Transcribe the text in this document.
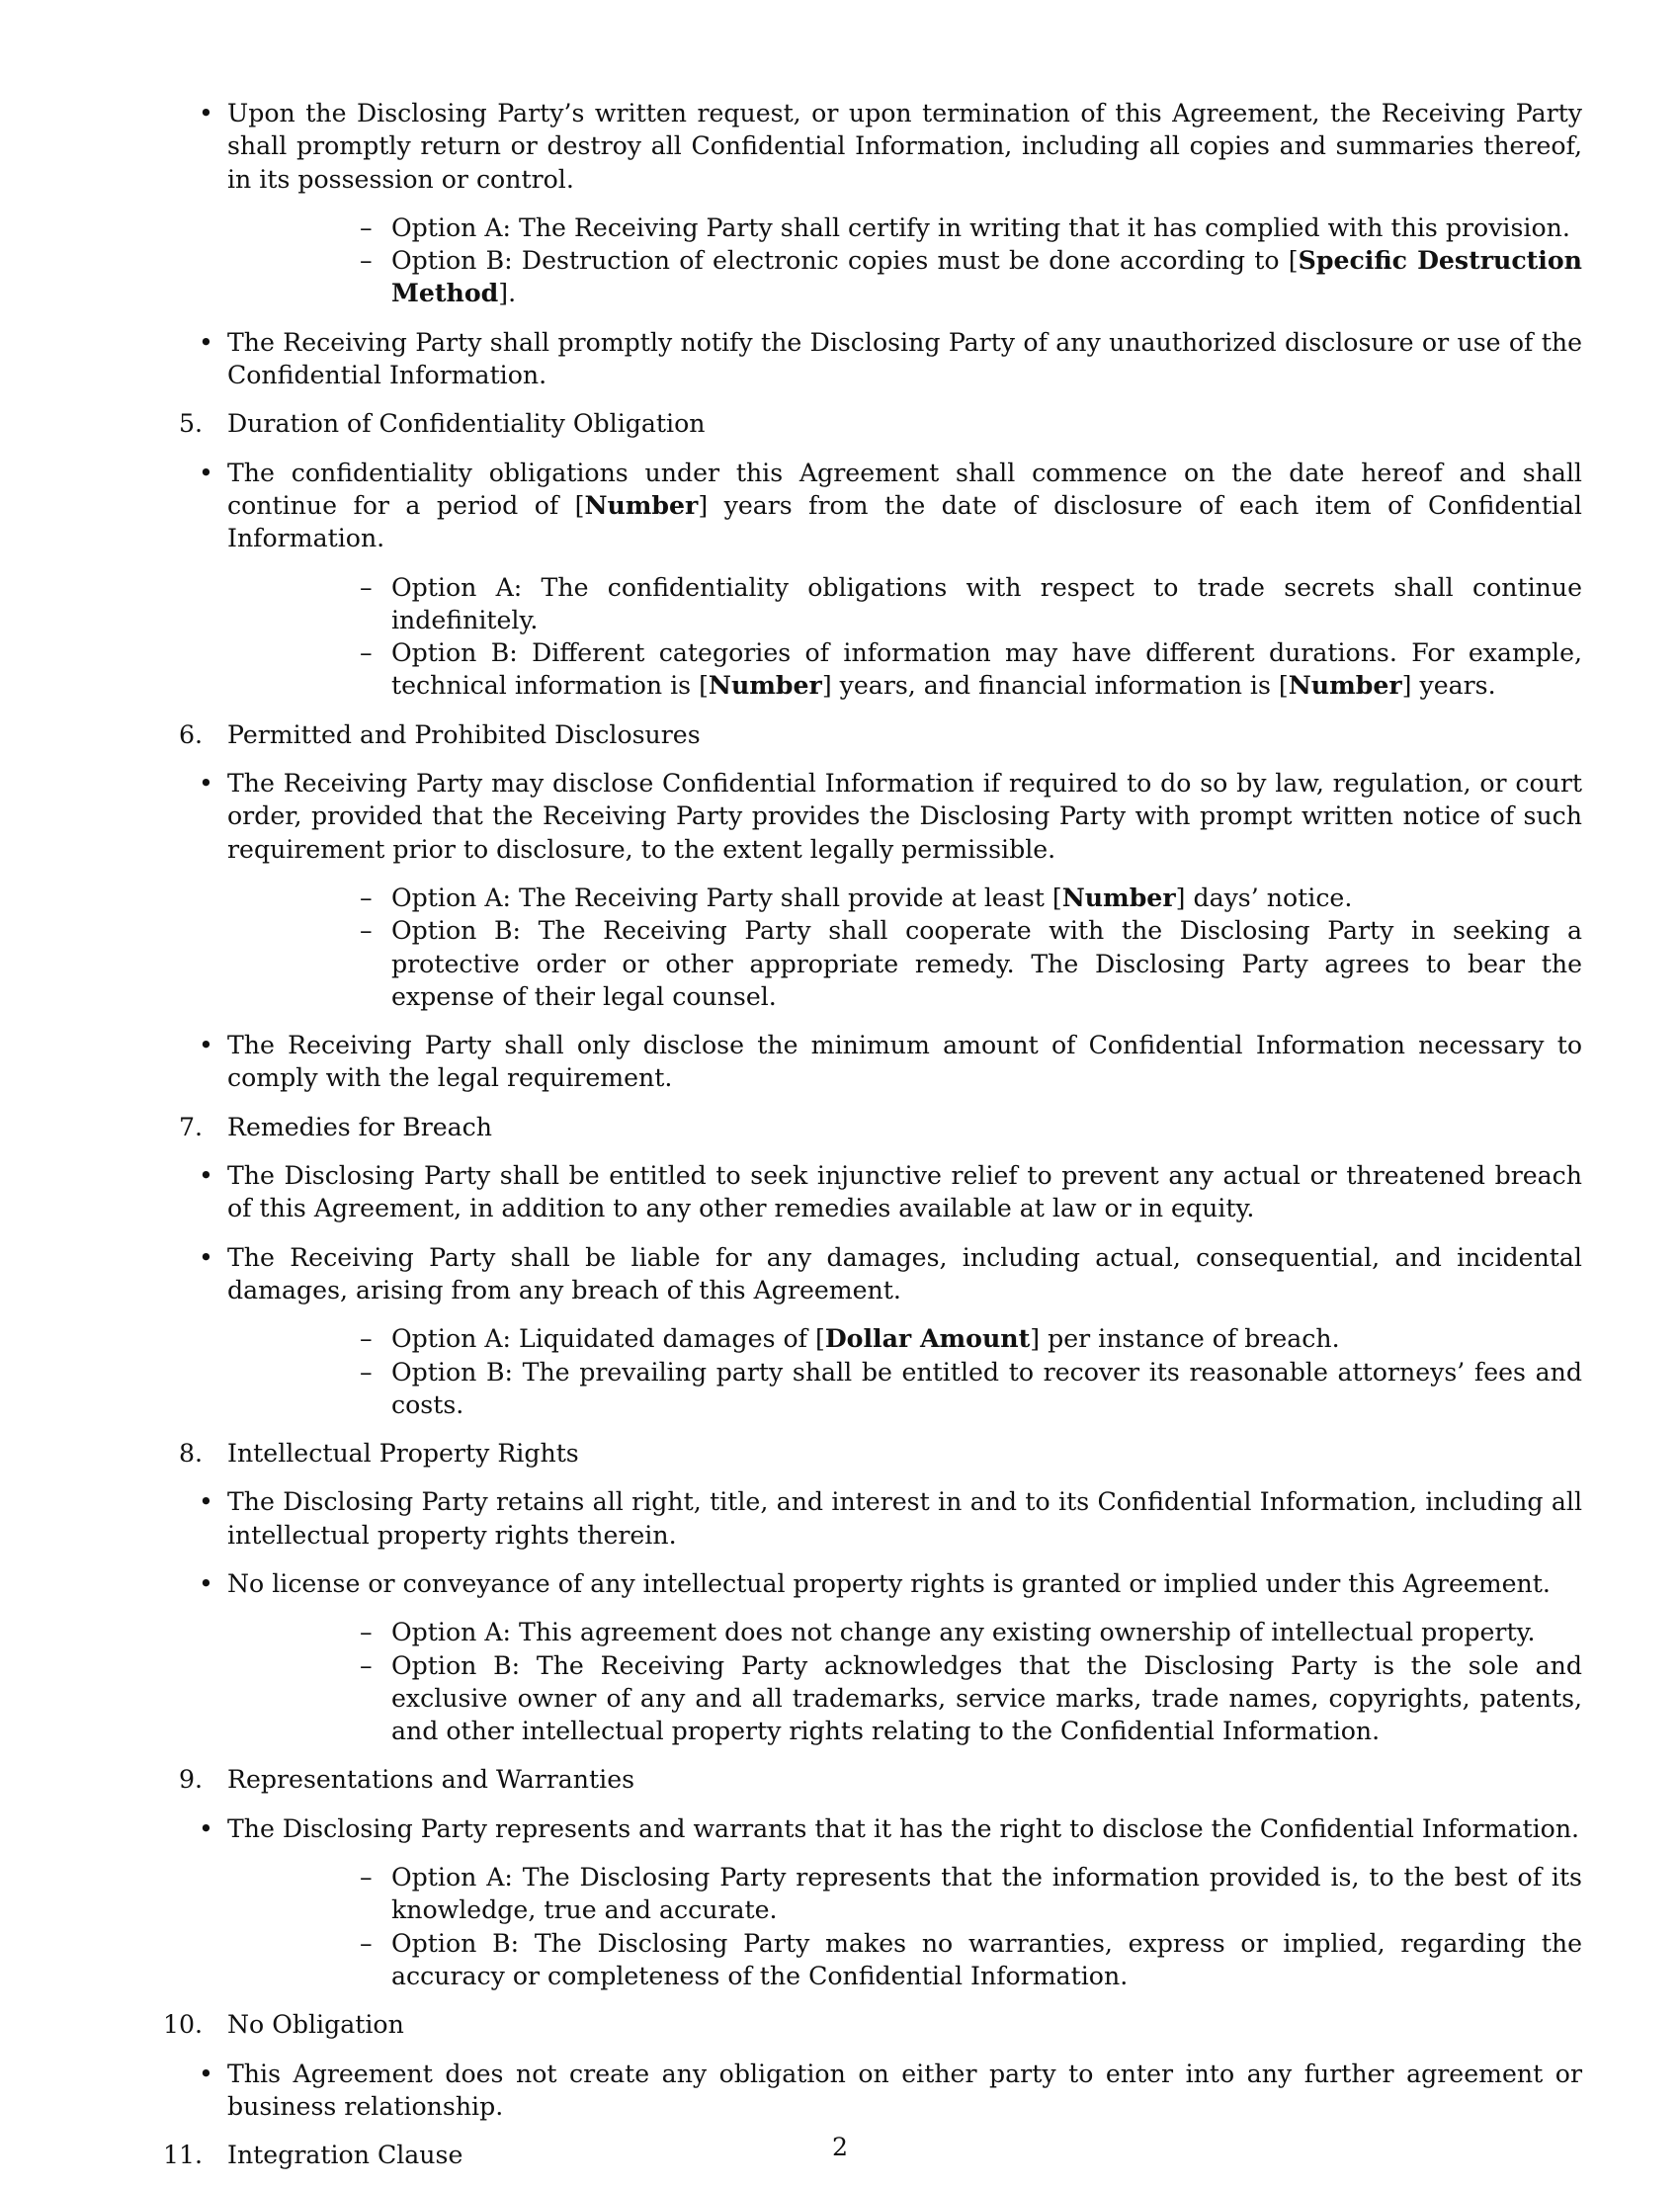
• Upon the Disclosing Party’s written request, or upon termination of this Agreement, the Receiving Party shall promptly return or destroy all Confidential Information, including all copies and summaries thereof, in its possession or control.
– Option A: The Receiving Party shall certify in writing that it has complied with this provision.
– Option B: Destruction of electronic copies must be done according to [Specific Destruction Method].
• The Receiving Party shall promptly notify the Disclosing Party of any unauthorized disclosure or use of the Confidential Information.
5. Duration of Confidentiality Obligation
• The confidentiality obligations under this Agreement shall commence on the date hereof and shall continue for a period of [Number] years from the date of disclosure of each item of Confidential Information.
– Option A: The confidentiality obligations with respect to trade secrets shall continue indefinitely.
– Option B: Different categories of information may have different durations. For example, technical information is [Number] years, and financial information is [Number] years.
6. Permitted and Prohibited Disclosures
• The Receiving Party may disclose Confidential Information if required to do so by law, regulation, or court order, provided that the Receiving Party provides the Disclosing Party with prompt written notice of such requirement prior to disclosure, to the extent legally permissible.
– Option A: The Receiving Party shall provide at least [Number] days’ notice.
– Option B: The Receiving Party shall cooperate with the Disclosing Party in seeking a protective order or other appropriate remedy. The Disclosing Party agrees to bear the expense of their legal counsel.
• The Receiving Party shall only disclose the minimum amount of Confidential Information necessary to comply with the legal requirement.
7. Remedies for Breach
• The Disclosing Party shall be entitled to seek injunctive relief to prevent any actual or threatened breach of this Agreement, in addition to any other remedies available at law or in equity.
• The Receiving Party shall be liable for any damages, including actual, consequential, and incidental damages, arising from any breach of this Agreement.
– Option A: Liquidated damages of [Dollar Amount] per instance of breach.
– Option B: The prevailing party shall be entitled to recover its reasonable attorneys’ fees and costs.
8. Intellectual Property Rights
• The Disclosing Party retains all right, title, and interest in and to its Confidential Information, including all intellectual property rights therein.
• No license or conveyance of any intellectual property rights is granted or implied under this Agreement.
– Option A: This agreement does not change any existing ownership of intellectual property.
– Option B: The Receiving Party acknowledges that the Disclosing Party is the sole and exclusive owner of any and all trademarks, service marks, trade names, copyrights, patents, and other intellectual property rights relating to the Confidential Information.
9. Representations and Warranties
• The Disclosing Party represents and warrants that it has the right to disclose the Confidential Information.
– Option A: The Disclosing Party represents that the information provided is, to the best of its knowledge, true and accurate.
– Option B: The Disclosing Party makes no warranties, express or implied, regarding the accuracy or completeness of the Confidential Information.
10. No Obligation
• This Agreement does not create any obligation on either party to enter into any further agreement or business relationship.
11. Integration Clause	2
